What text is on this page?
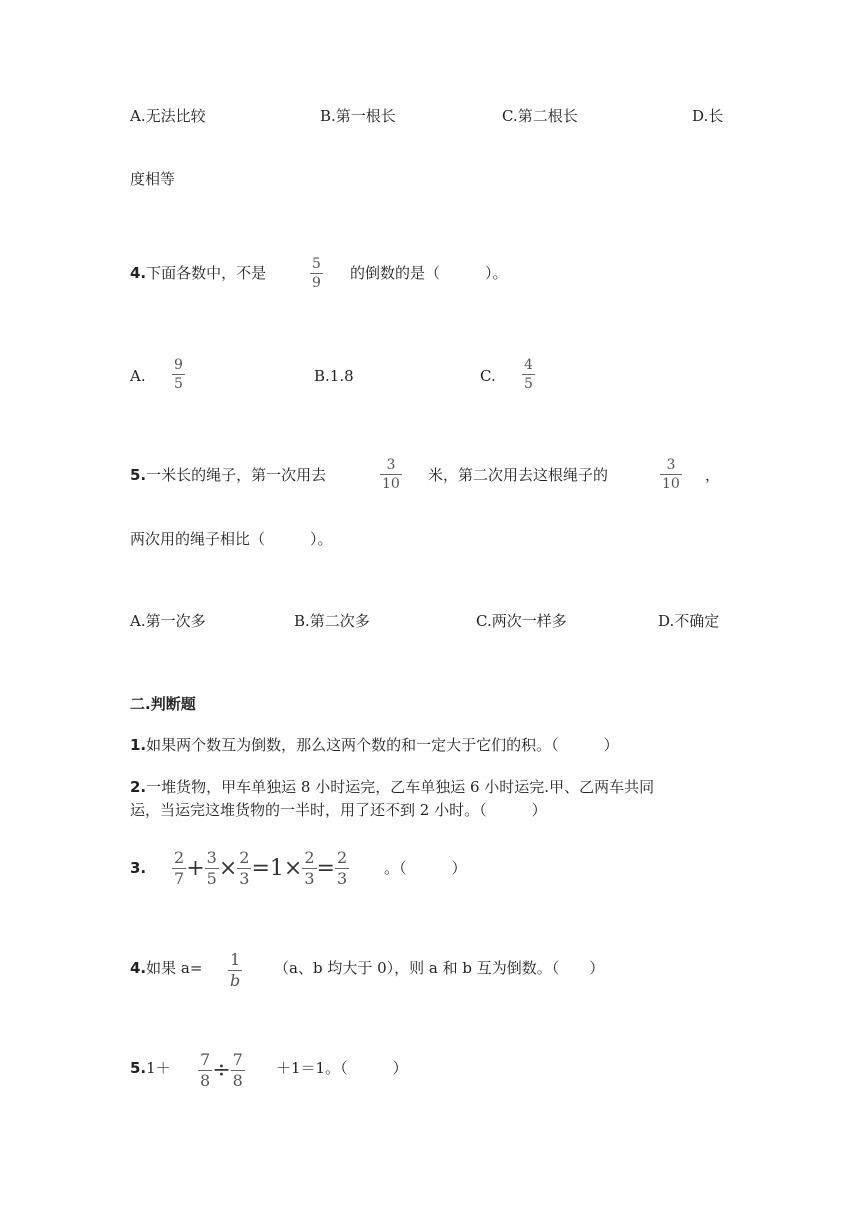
A.无法比较	B.第一根长	C.第二根长	D.长
度相等
4.下面各数中，不是	$\frac{5}{9}$ 的倒数的是（　　　）。
A. $\frac{9}{5}$	B.1.8	C. $\frac{4}{5}$
5.一米长的绳子，第一次用去	$\frac{3}{10}$ 米，第二次用去这根绳子的	$\frac{3}{10}$ ，
两次用的绳子相比（　　　）。
A.第一次多	B.第二次多	C.两次一样多	D.不确定
二.判断题
1.如果两个数互为倒数，那么这两个数的和一定大于它们的积。（　　　）
2.一堆货物，甲车单独运 8 小时运完，乙车单独运 6 小时运完.甲、乙两车共同
运，当运完这堆货物的一半时，用了还不到 2 小时。（　　　）
3. $\frac{2}{7} + \frac{3}{5} \times \frac{2}{3} =1\times \frac{2}{3} = \frac{2}{3}$ 。（　　　）
4.如果 $a= \frac{1}{b} (a$、b 均大于 0），则 a 和 b 互为倒数。（　　）
$5.1+ \frac{7}{8} \div \frac{7}{8} +1=1$。（　　　）
